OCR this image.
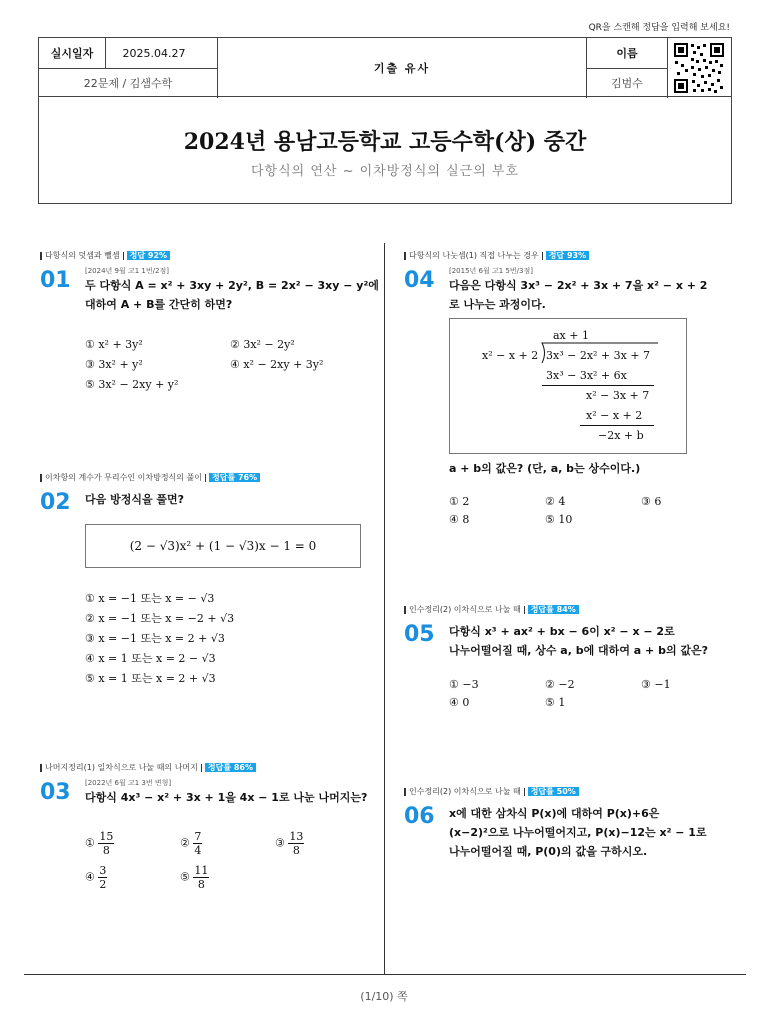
QR을 스캔해 정답을 입력해 보세요!
실시일자	2025.04.27
22문제 / 김샘수학
기출 유사
이름
김범수
2024년 용남고등학교 고등수학(상) 중간
다항식의 연산 ~ 이차방정식의 실근의 부호
다항식의 덧셈과 뺄셈 정답 92%
01 [2024년 9월 고1 1번/2점]
두 다항식 A = x² + 3xy + 2y², B = 2x² − 3xy − y²에
대하여 A + B를 간단히 하면?
① x² + 3y²	② 3x² − 2y²
③ 3x² + y²	④ x² − 2xy + 3y²
⑤ 3x² − 2xy + y²
이차항의 계수가 무리수인 이차방정식의 풀이 정답률 76%
02 다음 방정식을 풀면?
(2 − √3)x² + (1 − √3)x − 1 = 0
① x = −1 또는 x = − √3
② x = −1 또는 x = −2 + √3
③ x = −1 또는 x = 2 + √3
④ x = 1 또는 x = 2 − √3
⑤ x = 1 또는 x = 2 + √3
나머지정리(1) 일차식으로 나눌 때의 나머지 정답률 86%
03 [2022년 6월 고1 3번 변형]
다항식 4x³ − x² + 3x + 1을 4x − 1로 나눈 나머지는?
① $\frac{15}{8}$	② $\frac{7}{4}$	③ $\frac{13}{8}$
④ $\frac{3}{2}$	⑤ $\frac{11}{8}$
다항식의 나눗셈(1) 직접 나누는 경우 정답 93%
04 [2015년 6월 고1 5번/3점]
다음은 다항식 3x³ − 2x² + 3x + 7을 x² − x + 2
로 나누는 과정이다.
ax + 1
x² − x + 2 3x³ − 2x² + 3x + 7
3x³ − 3x² + 6x
x² − 3x + 7
x² − x + 2
−2x + b
a + b의 값은? (단, a, b는 상수이다.)
① 2	② 4	③ 6
④ 8	⑤ 10
인수정리(2) 이차식으로 나눌 때 정답률 84%
05 다항식 x³ + ax² + bx − 6이 x² − x − 2로
나누어떨어질 때, 상수 a, b에 대하여 a + b의 값은?
① −3	② −2	③ −1
④ 0	⑤ 1
인수정리(2) 이차식으로 나눌 때 정답률 50%
06 x에 대한 삼차식 P(x)에 대하여 P(x)+6은
(x−2)²으로 나누어떨어지고, P(x)−12는 x² − 1로
나누어떨어질 때, P(0)의 값을 구하시오.
(1/10) 쪽
